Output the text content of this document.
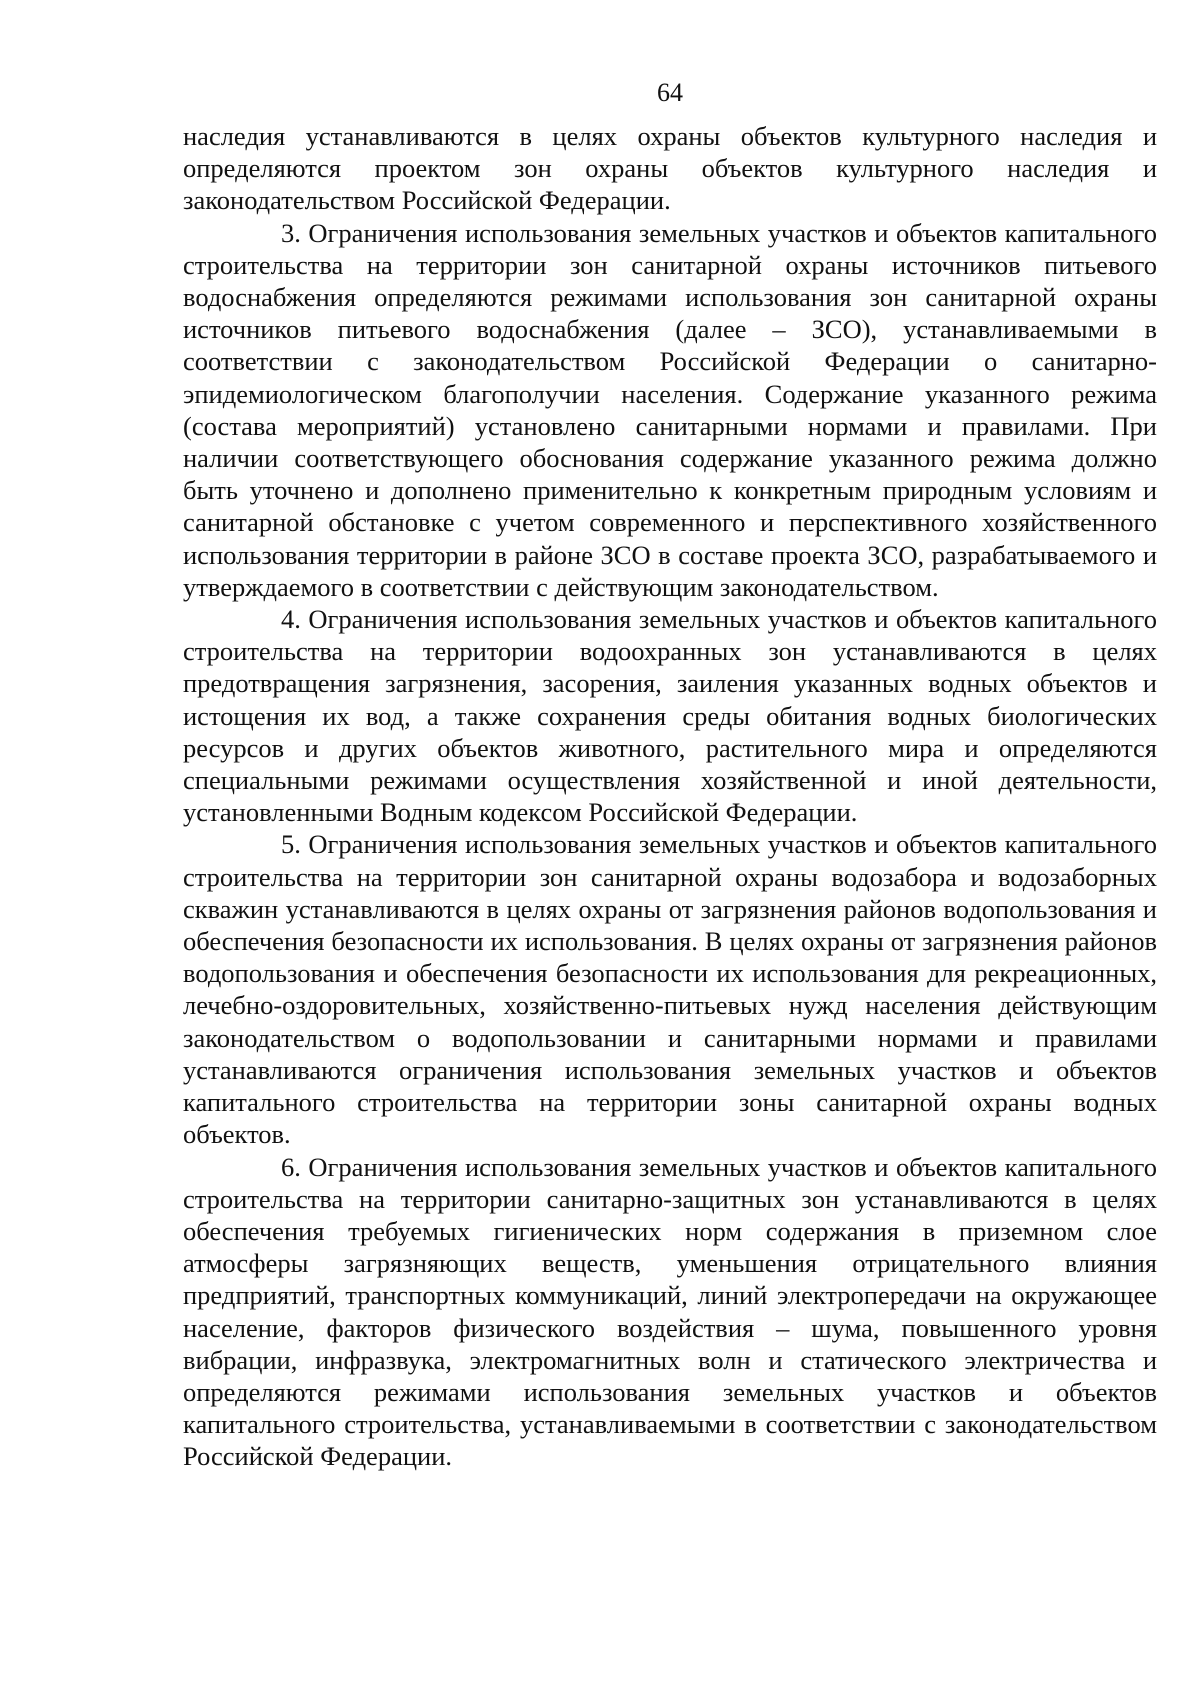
64

наследия устанавливаются в целях охраны объектов культурного наследия и определяются проектом зон охраны объектов культурного наследия и законодательством Российской Федерации.

3. Ограничения использования земельных участков и объектов капитального строительства на территории зон санитарной охраны источников питьевого водоснабжения определяются режимами использования зон санитарной охраны источников питьевого водоснабжения (далее – ЗСО), устанавливаемыми в соответствии с законодательством Российской Федерации о санитарно-эпидемиологическом благополучии населения. Содержание указанного режима (состава мероприятий) установлено санитарными нормами и правилами. При наличии соответствующего обоснования содержание указанного режима должно быть уточнено и дополнено применительно к конкретным природным условиям и санитарной обстановке с учетом современного и перспективного хозяйственного использования территории в районе ЗСО в составе проекта ЗСО, разрабатываемого и утверждаемого в соответствии с действующим законодательством.

4. Ограничения использования земельных участков и объектов капитального строительства на территории водоохранных зон устанавливаются в целях предотвращения загрязнения, засорения, заиления указанных водных объектов и истощения их вод, а также сохранения среды обитания водных биологических ресурсов и других объектов животного, растительного мира и определяются специальными режимами осуществления хозяйственной и иной деятельности, установленными Водным кодексом Российской Федерации.

5. Ограничения использования земельных участков и объектов капитального строительства на территории зон санитарной охраны водозабора и водозаборных скважин устанавливаются в целях охраны от загрязнения районов водопользования и обеспечения безопасности их использования. В целях охраны от загрязнения районов водопользования и обеспечения безопасности их использования для рекреационных, лечебно-оздоровительных, хозяйственно-питьевых нужд населения действующим законодательством о водопользовании и санитарными нормами и правилами устанавливаются ограничения использования земельных участков и объектов капитального строительства на территории зоны санитарной охраны водных объектов.

6. Ограничения использования земельных участков и объектов капитального строительства на территории санитарно-защитных зон устанавливаются в целях обеспечения требуемых гигиенических норм содержания в приземном слое атмосферы загрязняющих веществ, уменьшения отрицательного влияния предприятий, транспортных коммуникаций, линий электропередачи на окружающее население, факторов физического воздействия – шума, повышенного уровня вибрации, инфразвука, электромагнитных волн и статического электричества и определяются режимами использования земельных участков и объектов капитального строительства, устанавливаемыми в соответствии с законодательством Российской Федерации.
